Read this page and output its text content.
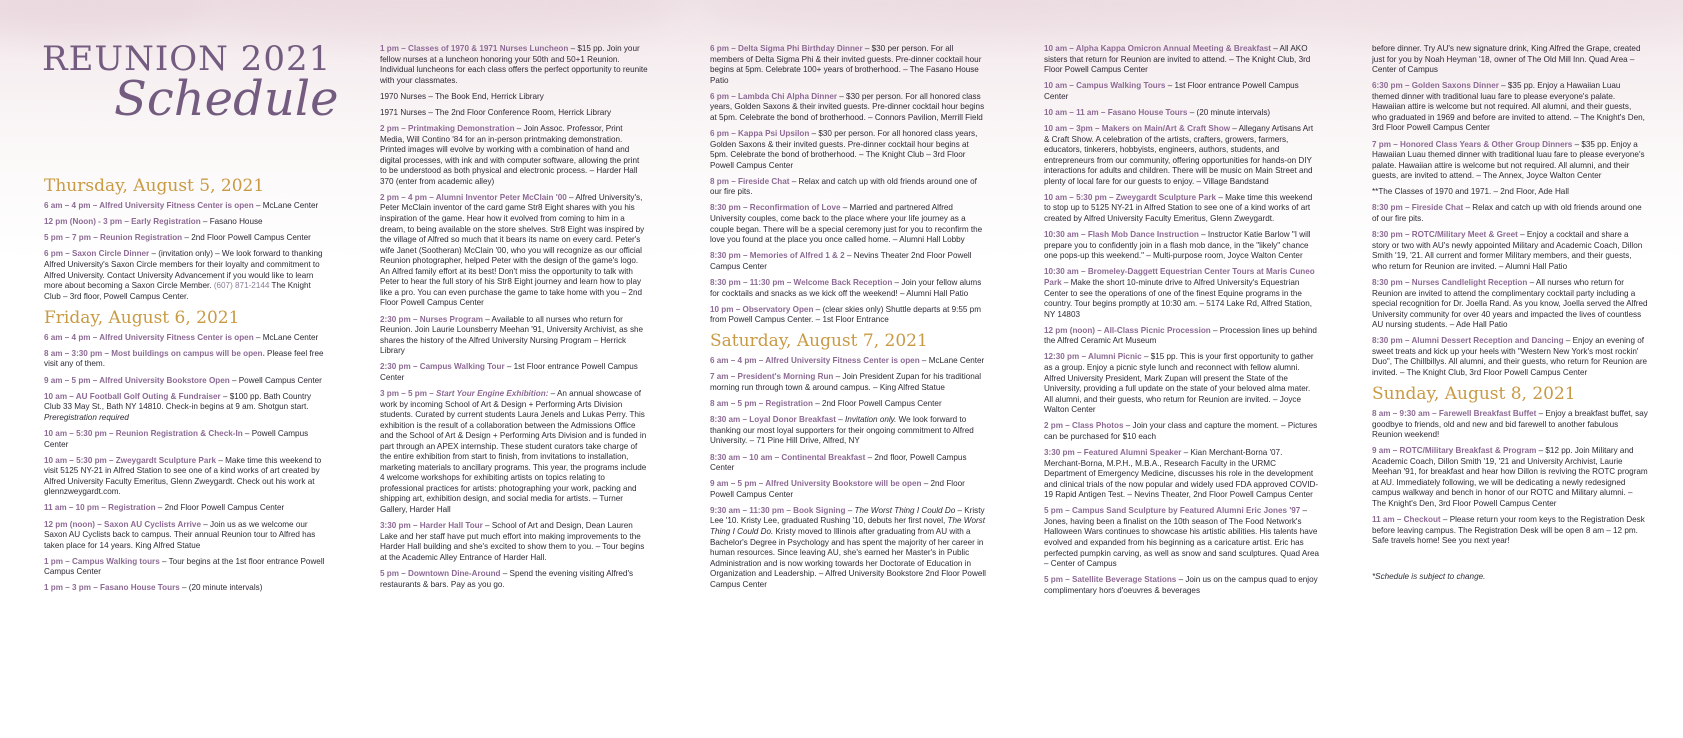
REUNION 2021
Schedule
Thursday, August 5, 2021

6 am – 4 pm – Alfred University Fitness Center is open – McLane Center

12 pm (Noon) - 3 pm – Early Registration – Fasano House

5 pm – 7 pm – Reunion Registration – 2nd Floor Powell Campus Center

6 pm – Saxon Circle Dinner – (invitation only) – We look forward to thanking Alfred University's Saxon Circle members for their loyalty and commitment to Alfred University. Contact University Advancement if you would like to learn more about becoming a Saxon Circle Member. (607) 871-2144 The Knight Club – 3rd floor, Powell Campus Center.

Friday, August 6, 2021

6 am – 4 pm – Alfred University Fitness Center is open – McLane Center

8 am – 3:30 pm – Most buildings on campus will be open. Please feel free visit any of them.

9 am – 5 pm – Alfred University Bookstore Open – Powell Campus Center

10 am – AU Football Golf Outing & Fundraiser – $100 pp. Bath Country Club 33 May St., Bath NY 14810. Check-in begins at 9 am. Shotgun start. Preregistration required

10 am – 5:30 pm – Reunion Registration & Check-In – Powell Campus Center

10 am – 5:30 pm – Zweygardt Sculpture Park – Make time this weekend to visit 5125 NY-21 in Alfred Station to see one of a kind works of art created by Alfred University Faculty Emeritus, Glenn Zweygardt. Check out his work at glennzweygardt.com.

11 am – 10 pm – Registration – 2nd Floor Powell Campus Center

12 pm (noon) – Saxon AU Cyclists Arrive – Join us as we welcome our Saxon AU Cyclists back to campus. Their annual Reunion tour to Alfred has taken place for 14 years. King Alfred Statue

1 pm – Campus Walking tours – Tour begins at the 1st floor entrance Powell Campus Center

1 pm – 3 pm – Fasano House Tours – (20 minute intervals)

1 pm – Classes of 1970 & 1971 Nurses Luncheon – $15 pp. Join your fellow nurses at a luncheon honoring your 50th and 50+1 Reunion. Individual luncheons for each class offers the perfect opportunity to reunite with your classmates.

1970 Nurses – The Book End, Herrick Library

1971 Nurses – The 2nd Floor Conference Room, Herrick Library

2 pm – Printmaking Demonstration – Join Assoc. Professor, Print Media, Will Contino '84 for an in-person printmaking demonstration. Printed images will evolve by working with a combination of hand and digital processes, with ink and with computer software, allowing the print to be understood as both physical and electronic process. – Harder Hall 370 (enter from academic alley)

2 pm – 4 pm – Alumni Inventor Peter McClain '00 – Alfred University's, Peter McClain inventor of the card game Str8 Eight shares with you his inspiration of the game. Hear how it evolved from coming to him in a dream, to being available on the store shelves. Str8 Eight was inspired by the village of Alfred so much that it bears its name on every card. Peter's wife Janet (Sootheran) McClain '00, who you will recognize as our official Reunion photographer, helped Peter with the design of the game's logo. An Alfred family effort at its best! Don't miss the opportunity to talk with Peter to hear the full story of his Str8 Eight journey and learn how to play like a pro. You can even purchase the game to take home with you – 2nd Floor Powell Campus Center

2:30 pm – Nurses Program – Available to all nurses who return for Reunion. Join Laurie Lounsberry Meehan '91, University Archivist, as she shares the history of the Alfred University Nursing Program – Herrick Library

2:30 pm – Campus Walking Tour – 1st Floor entrance Powell Campus Center

3 pm – 5 pm – Start Your Engine Exhibition: – An annual showcase of work by incoming School of Art & Design + Performing Arts Division students. Curated by current students Laura Jenels and Lukas Perry. This exhibition is the result of a collaboration between the Admissions Office and the School of Art & Design + Performing Arts Division and is funded in part through an APEX internship. These student curators take charge of the entire exhibition from start to finish, from invitations to installation, marketing materials to ancillary programs. This year, the programs include 4 welcome workshops for exhibiting artists on topics relating to professional practices for artists: photographing your work, packing and shipping art, exhibition design, and social media for artists. – Turner Gallery, Harder Hall

3:30 pm – Harder Hall Tour – School of Art and Design, Dean Lauren Lake and her staff have put much effort into making improvements to the Harder Hall building and she's excited to show them to you. – Tour begins at the Academic Alley Entrance of Harder Hall.

5 pm – Downtown Dine-Around – Spend the evening visiting Alfred's restaurants & bars. Pay as you go.

6 pm – Delta Sigma Phi Birthday Dinner – $30 per person. For all members of Delta Sigma Phi & their invited guests. Pre-dinner cocktail hour begins at 5pm. Celebrate 100+ years of brotherhood. – The Fasano House Patio

6 pm – Lambda Chi Alpha Dinner – $30 per person. For all honored class years, Golden Saxons & their invited guests. Pre-dinner cocktail hour begins at 5pm. Celebrate the bond of brotherhood. – Connors Pavilion, Merrill Field

6 pm – Kappa Psi Upsilon – $30 per person. For all honored class years, Golden Saxons & their invited guests. Pre-dinner cocktail hour begins at 5pm. Celebrate the bond of brotherhood. – The Knight Club – 3rd Floor Powell Campus Center

8 pm – Fireside Chat – Relax and catch up with old friends around one of our fire pits.

8:30 pm – Reconfirmation of Love – Married and partnered Alfred University couples, come back to the place where your life journey as a couple began. There will be a special ceremony just for you to reconfirm the love you found at the place you once called home. – Alumni Hall Lobby

8:30 pm – Memories of Alfred 1 & 2 – Nevins Theater 2nd Floor Powell Campus Center

8:30 pm – 11:30 pm – Welcome Back Reception – Join your fellow alums for cocktails and snacks as we kick off the weekend! – Alumni Hall Patio

10 pm – Observatory Open – (clear skies only) Shuttle departs at 9:55 pm from Powell Campus Center. – 1st Floor Entrance

Saturday, August 7, 2021

6 am – 4 pm – Alfred University Fitness Center is open – McLane Center

7 am – President's Morning Run – Join President Zupan for his traditional morning run through town & around campus. – King Alfred Statue

8 am – 5 pm – Registration – 2nd Floor Powell Campus Center

8:30 am – Loyal Donor Breakfast – Invitation only. We look forward to thanking our most loyal supporters for their ongoing commitment to Alfred University. – 71 Pine Hill Drive, Alfred, NY

8:30 am – 10 am – Continental Breakfast – 2nd floor, Powell Campus Center

9 am – 5 pm – Alfred University Bookstore will be open – 2nd Floor Powell Campus Center

9:30 am – 11:30 pm – Book Signing – The Worst Thing I Could Do – Kristy Lee '10. Kristy Lee, graduated Rushing '10, debuts her first novel, The Worst Thing I Could Do. Kristy moved to Illinois after graduating from AU with a Bachelor's Degree in Psychology and has spent the majority of her career in human resources. Since leaving AU, she's earned her Master's in Public Administration and is now working towards her Doctorate of Education in Organization and Leadership. – Alfred University Bookstore 2nd Floor Powell Campus Center

10 am – Alpha Kappa Omicron Annual Meeting & Breakfast – All AKO sisters that return for Reunion are invited to attend. – The Knight Club, 3rd Floor Powell Campus Center

10 am – Campus Walking Tours – 1st Floor entrance Powell Campus Center

10 am – 11 am – Fasano House Tours – (20 minute intervals)

10 am – 3pm – Makers on Main/Art & Craft Show – Allegany Artisans Art & Craft Show. A celebration of the artists, crafters, growers, farmers, educators, tinkerers, hobbyists, engineers, authors, students, and entrepreneurs from our community, offering opportunities for hands-on DIY interactions for adults and children. There will be music on Main Street and plenty of local fare for our guests to enjoy. – Village Bandstand

10 am – 5:30 pm – Zweygardt Sculpture Park – Make time this weekend to stop up to 5125 NY-21 in Alfred Station to see one of a kind works of art created by Alfred University Faculty Emeritus, Glenn Zweygardt.

10:30 am – Flash Mob Dance Instruction – Instructor Katie Barlow "I will prepare you to confidently join in a flash mob dance, in the "likely" chance one pops-up this weekend." – Multi-purpose room, Joyce Walton Center

10:30 am – Bromeley-Daggett Equestrian Center Tours at Maris Cuneo Park – Make the short 10-minute drive to Alfred University's Equestrian Center to see the operations of one of the finest Equine programs in the country. Tour begins promptly at 10:30 am. – 5174 Lake Rd, Alfred Station, NY 14803

12 pm (noon) – All-Class Picnic Procession – Procession lines up behind the Alfred Ceramic Art Museum

12:30 pm – Alumni Picnic – $15 pp. This is your first opportunity to gather as a group. Enjoy a picnic style lunch and reconnect with fellow alumni. Alfred University President, Mark Zupan will present the State of the University, providing a full update on the state of your beloved alma mater. All alumni, and their guests, who return for Reunion are invited. – Joyce Walton Center

2 pm – Class Photos – Join your class and capture the moment. – Pictures can be purchased for $10 each

3:30 pm – Featured Alumni Speaker – Kian Merchant-Borna '07. Merchant-Borna, M.P.H., M.B.A., Research Faculty in the URMC Department of Emergency Medicine, discusses his role in the development and clinical trials of the now popular and widely used FDA approved COVID-19 Rapid Antigen Test. – Nevins Theater, 2nd Floor Powell Campus Center

5 pm – Campus Sand Sculpture by Featured Alumni Eric Jones '97 – Jones, having been a finalist on the 10th season of The Food Network's Halloween Wars continues to showcase his artistic abilities. His talents have evolved and expanded from his beginning as a caricature artist. Eric has perfected pumpkin carving, as well as snow and sand sculptures. Quad Area – Center of Campus

5 pm – Satellite Beverage Stations – Join us on the campus quad to enjoy complimentary hors d'oeuvres & beverages

before dinner. Try AU's new signature drink, King Alfred the Grape, created just for you by Noah Heyman '18, owner of The Old Mill Inn. Quad Area – Center of Campus

6:30 pm – Golden Saxons Dinner – $35 pp. Enjoy a Hawaiian Luau themed dinner with traditional luau fare to please everyone's palate. Hawaiian attire is welcome but not required. All alumni, and their guests, who graduated in 1969 and before are invited to attend. – The Knight's Den, 3rd Floor Powell Campus Center

7 pm – Honored Class Years & Other Group Dinners – $35 pp. Enjoy a Hawaiian Luau themed dinner with traditional luau fare to please everyone's palate. Hawaiian attire is welcome but not required. All alumni, and their guests, are invited to attend. – The Annex, Joyce Walton Center

**The Classes of 1970 and 1971. – 2nd Floor, Ade Hall

8:30 pm – Fireside Chat – Relax and catch up with old friends around one of our fire pits.

8:30 pm – ROTC/Military Meet & Greet – Enjoy a cocktail and share a story or two with AU's newly appointed Military and Academic Coach, Dillon Smith '19, '21. All current and former Military members, and their guests, who return for Reunion are invited. – Alumni Hall Patio

8:30 pm – Nurses Candlelight Reception – All nurses who return for Reunion are invited to attend the complimentary cocktail party including a special recognition for Dr. Joella Rand. As you know, Joella served the Alfred University community for over 40 years and impacted the lives of countless AU nursing students. – Ade Hall Patio

8:30 pm – Alumni Dessert Reception and Dancing – Enjoy an evening of sweet treats and kick up your heels with "Western New York's most rockin' Duo", The Chillbillys. All alumni, and their guests, who return for Reunion are invited. – The Knight Club, 3rd Floor Powell Campus Center

Sunday, August 8, 2021

8 am – 9:30 am – Farewell Breakfast Buffet – Enjoy a breakfast buffet, say goodbye to friends, old and new and bid farewell to another fabulous Reunion weekend!

9 am – ROTC/Military Breakfast & Program – $12 pp. Join Military and Academic Coach, Dillon Smith '19, '21 and University Archivist, Laurie Meehan '91, for breakfast and hear how Dillon is reviving the ROTC program at AU. Immediately following, we will be dedicating a newly redesigned campus walkway and bench in honor of our ROTC and Military alumni. – The Knight's Den, 3rd Floor Powell Campus Center

11 am – Checkout – Please return your room keys to the Registration Desk before leaving campus. The Registration Desk will be open 8 am – 12 pm. Safe travels home! See you next year!

*Schedule is subject to change.
